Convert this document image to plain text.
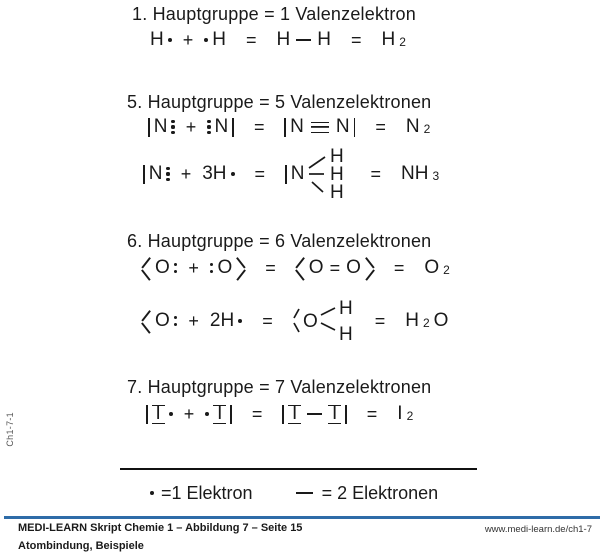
Ch1-7-1
1. Hauptgruppe = 1 Valenzelektron
H + H = H H = H $_2$
5. Hauptgruppe = 5 Valenzelektronen
N + N = N N = N $_2$
N + 3H = N
H
H
H
= NH $_3$
6. Hauptgruppe = 6 Valenzelektronen
O + O = O = O = O $_2$
O + 2H = O
H
H
= H $_2$ O
7. Hauptgruppe = 7 Valenzelektronen
I + I = I I = I $_2$
=1 Elektron	= 2 Elektronen
MEDI-LEARN Skript Chemie 1 – Abbildung 7 – Seite 15
Atombindung, Beispiele
www.medi-learn.de/ch1-7
